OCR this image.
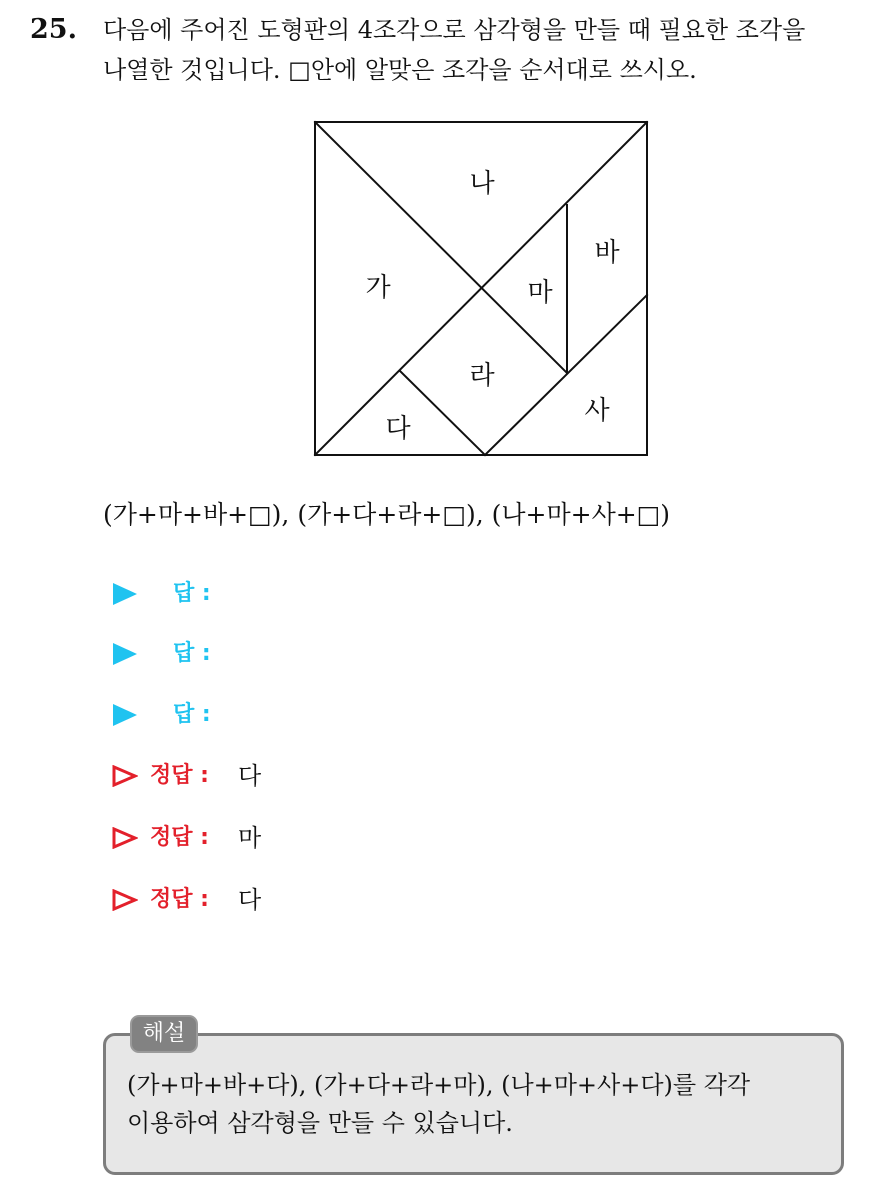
25. 다음에 주어진 도형판의 4조각으로 삼각형을 만들 때 필요한 조각을
나열한 것입니다. □안에 알맞은 조각을 순서대로 쓰시오.
나
바
가	마
라
사
다
(가+마+바+□), (가+다+라+□), (나+마+사+□)
답 :
답 :
답 :
정답 : 다
정답 : 마
정답 : 다
해설
(가+마+바+다), (가+다+라+마), (나+마+사+다)를 각각
이용하여 삼각형을 만들 수 있습니다.
